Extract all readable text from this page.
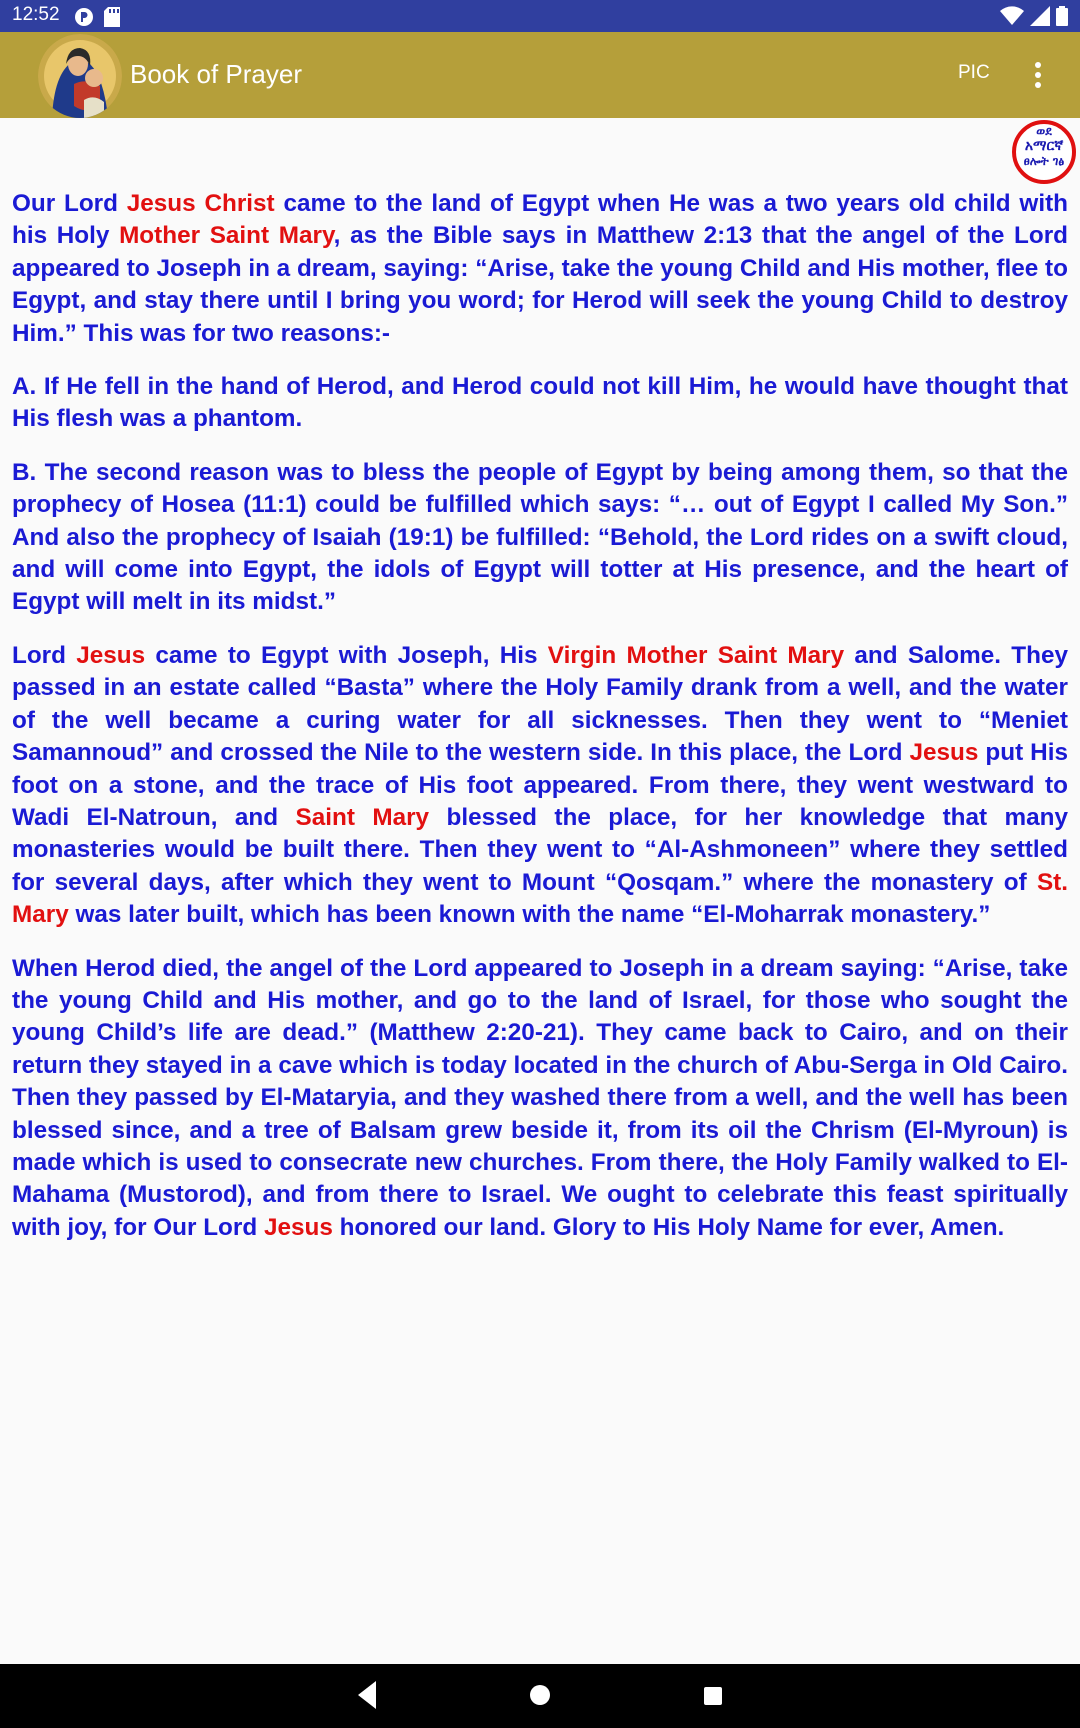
12:52
Book of Prayer	PIC
ወደ
አማርኛ
ፀሎት ገፅ

Our Lord Jesus Christ came to the land of Egypt when He was a two years old child with his Holy Mother Saint Mary, as the Bible says in Matthew 2:13 that the angel of the Lord appeared to Joseph in a dream, saying: “Arise, take the young Child and His mother, flee to Egypt, and stay there until I bring you word; for Herod will seek the young Child to destroy Him.” This was for two reasons:-

A. If He fell in the hand of Herod, and Herod could not kill Him, he would have thought that His flesh was a phantom.

B. The second reason was to bless the people of Egypt by being among them, so that the prophecy of Hosea (11:1) could be fulfilled which says: “… out of Egypt I called My Son.” And also the prophecy of Isaiah (19:1) be fulfilled: “Behold, the Lord rides on a swift cloud, and will come into Egypt, the idols of Egypt will totter at His presence, and the heart of Egypt will melt in its midst.”

Lord Jesus came to Egypt with Joseph, His Virgin Mother Saint Mary and Salome. They passed in an estate called “Basta” where the Holy Family drank from a well, and the water of the well became a curing water for all sicknesses. Then they went to “Meniet Samannoud” and crossed the Nile to the western side. In this place, the Lord Jesus put His foot on a stone, and the trace of His foot appeared. From there, they went westward to Wadi El-Natroun, and Saint Mary blessed the place, for her knowledge that many monasteries would be built there. Then they went to “Al-Ashmoneen” where they settled for several days, after which they went to Mount “Qosqam.” where the monastery of St. Mary was later built, which has been known with the name “El-Moharrak monastery.”

When Herod died, the angel of the Lord appeared to Joseph in a dream saying: “Arise, take the young Child and His mother, and go to the land of Israel, for those who sought the young Child’s life are dead.” (Matthew 2:20-21). They came back to Cairo, and on their return they stayed in a cave which is today located in the church of Abu-Serga in Old Cairo. Then they passed by El-Mataryia, and they washed there from a well, and the well has been blessed since, and a tree of Balsam grew beside it, from its oil the Chrism (El-Myroun) is made which is used to consecrate new churches. From there, the Holy Family walked to El-Mahama (Mustorod), and from there to Israel. We ought to celebrate this feast spiritually with joy, for Our Lord Jesus honored our land. Glory to His Holy Name for ever, Amen.
